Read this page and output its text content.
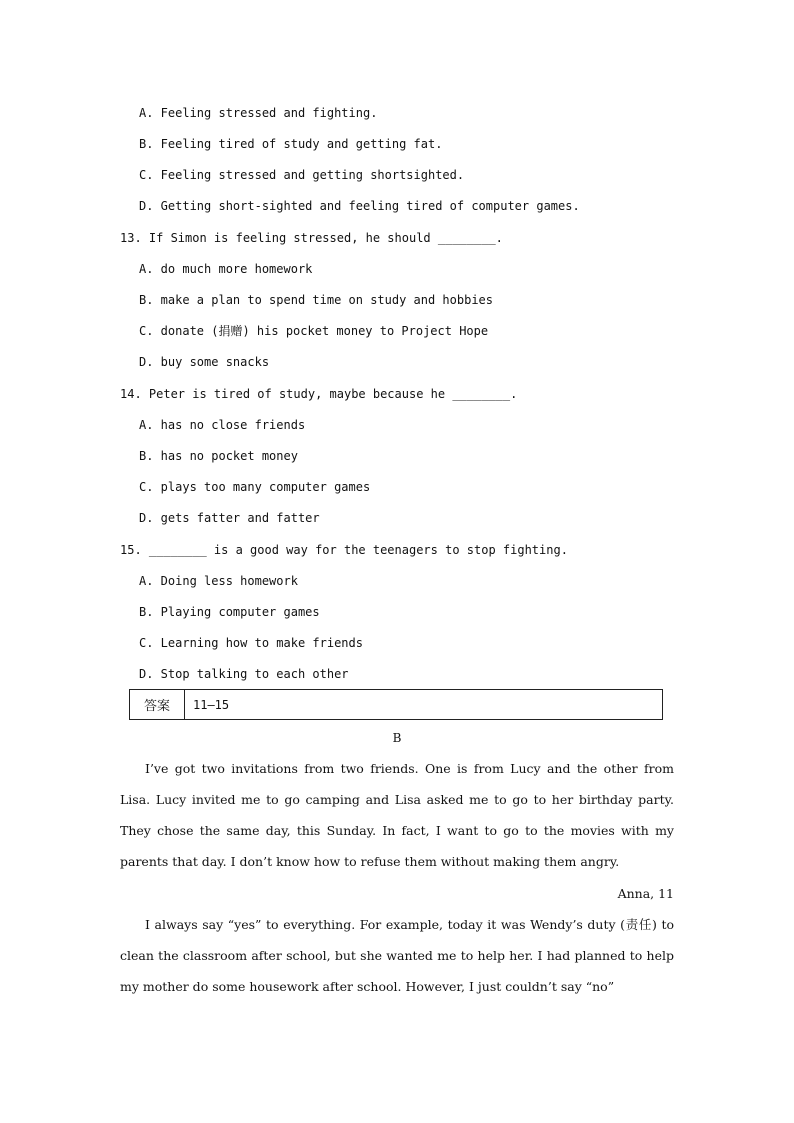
A. Feeling stressed and fighting.
B. Feeling tired of study and getting fat.
C. Feeling stressed and getting shortsighted.
D. Getting short-sighted and feeling tired of computer games.
13. If Simon is feeling stressed, he should ________.
A. do much more homework
B. make a plan to spend time on study and hobbies
C. donate (捐赠) his pocket money to Project Hope
D. buy some snacks
14. Peter is tired of study, maybe because he ________.
A. has no close friends
B. has no pocket money
C. plays too many computer games
D. gets fatter and fatter
15. ________ is a good way for the teenagers to stop fighting.
A. Doing less homework
B. Playing computer games
C. Learning how to make friends
D. Stop talking to each other
答案	11—15
B

I’ve got two invitations from two friends. One is from Lucy and the other from Lisa. Lucy invited me to go camping and Lisa asked me to go to her birthday party. They chose the same day, this Sunday. In fact, I want to go to the movies with my parents that day. I don’t know how to refuse them without making them angry.

Anna, 11

I always say “yes” to everything. For example, today it was Wendy’s duty (责任) to clean the classroom after school, but she wanted me to help her. I had planned to help my mother do some housework after school. However, I just couldn’t say “no”
